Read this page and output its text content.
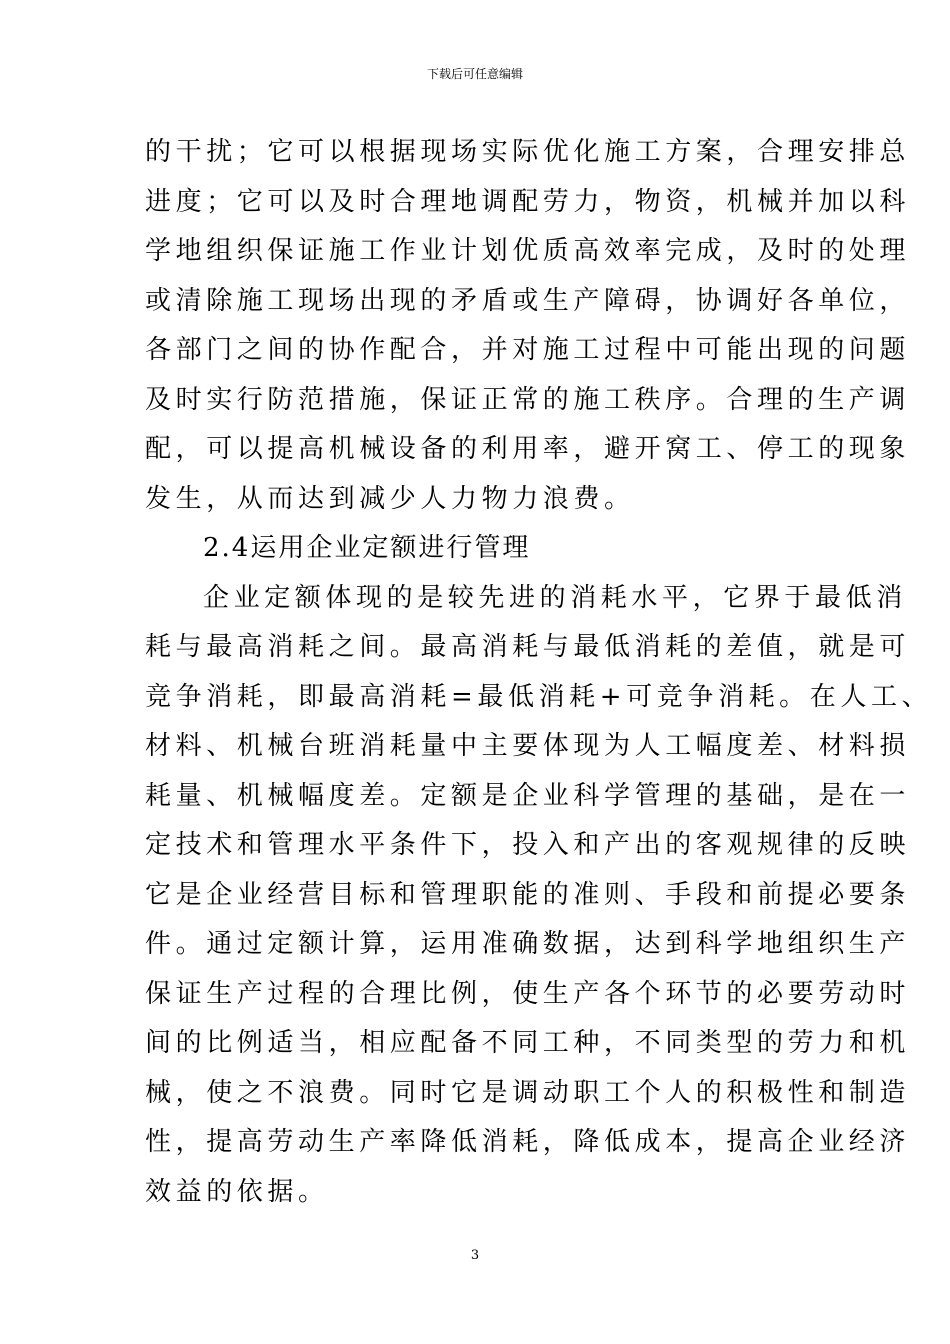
下载后可任意编辑
的干扰；它可以根据现场实际优化施工方案，合理安排总
进度；它可以及时合理地调配劳力，物资，机械并加以科
学地组织保证施工作业计划优质高效率完成，及时的处理
或清除施工现场出现的矛盾或生产障碍，协调好各单位，
各部门之间的协作配合，并对施工过程中可能出现的问题
及时实行防范措施，保证正常的施工秩序。合理的生产调
配，可以提高机械设备的利用率，避开窝工、停工的现象
发生，从而达到减少人力物力浪费。
2.4运用企业定额进行管理
企业定额体现的是较先进的消耗水平，它界于最低消
耗与最高消耗之间。最高消耗与最低消耗的差值，就是可
竞争消耗，即最高消耗=最低消耗+可竞争消耗。在人工、
材料、机械台班消耗量中主要体现为人工幅度差、材料损
耗量、机械幅度差。定额是企业科学管理的基础，是在一
定技术和管理水平条件下，投入和产出的客观规律的反映
它是企业经营目标和管理职能的准则、手段和前提必要条
件。通过定额计算，运用准确数据，达到科学地组织生产
保证生产过程的合理比例，使生产各个环节的必要劳动时
间的比例适当，相应配备不同工种，不同类型的劳力和机
械，使之不浪费。同时它是调动职工个人的积极性和制造
性，提高劳动生产率降低消耗，降低成本，提高企业经济
效益的依据。
3
